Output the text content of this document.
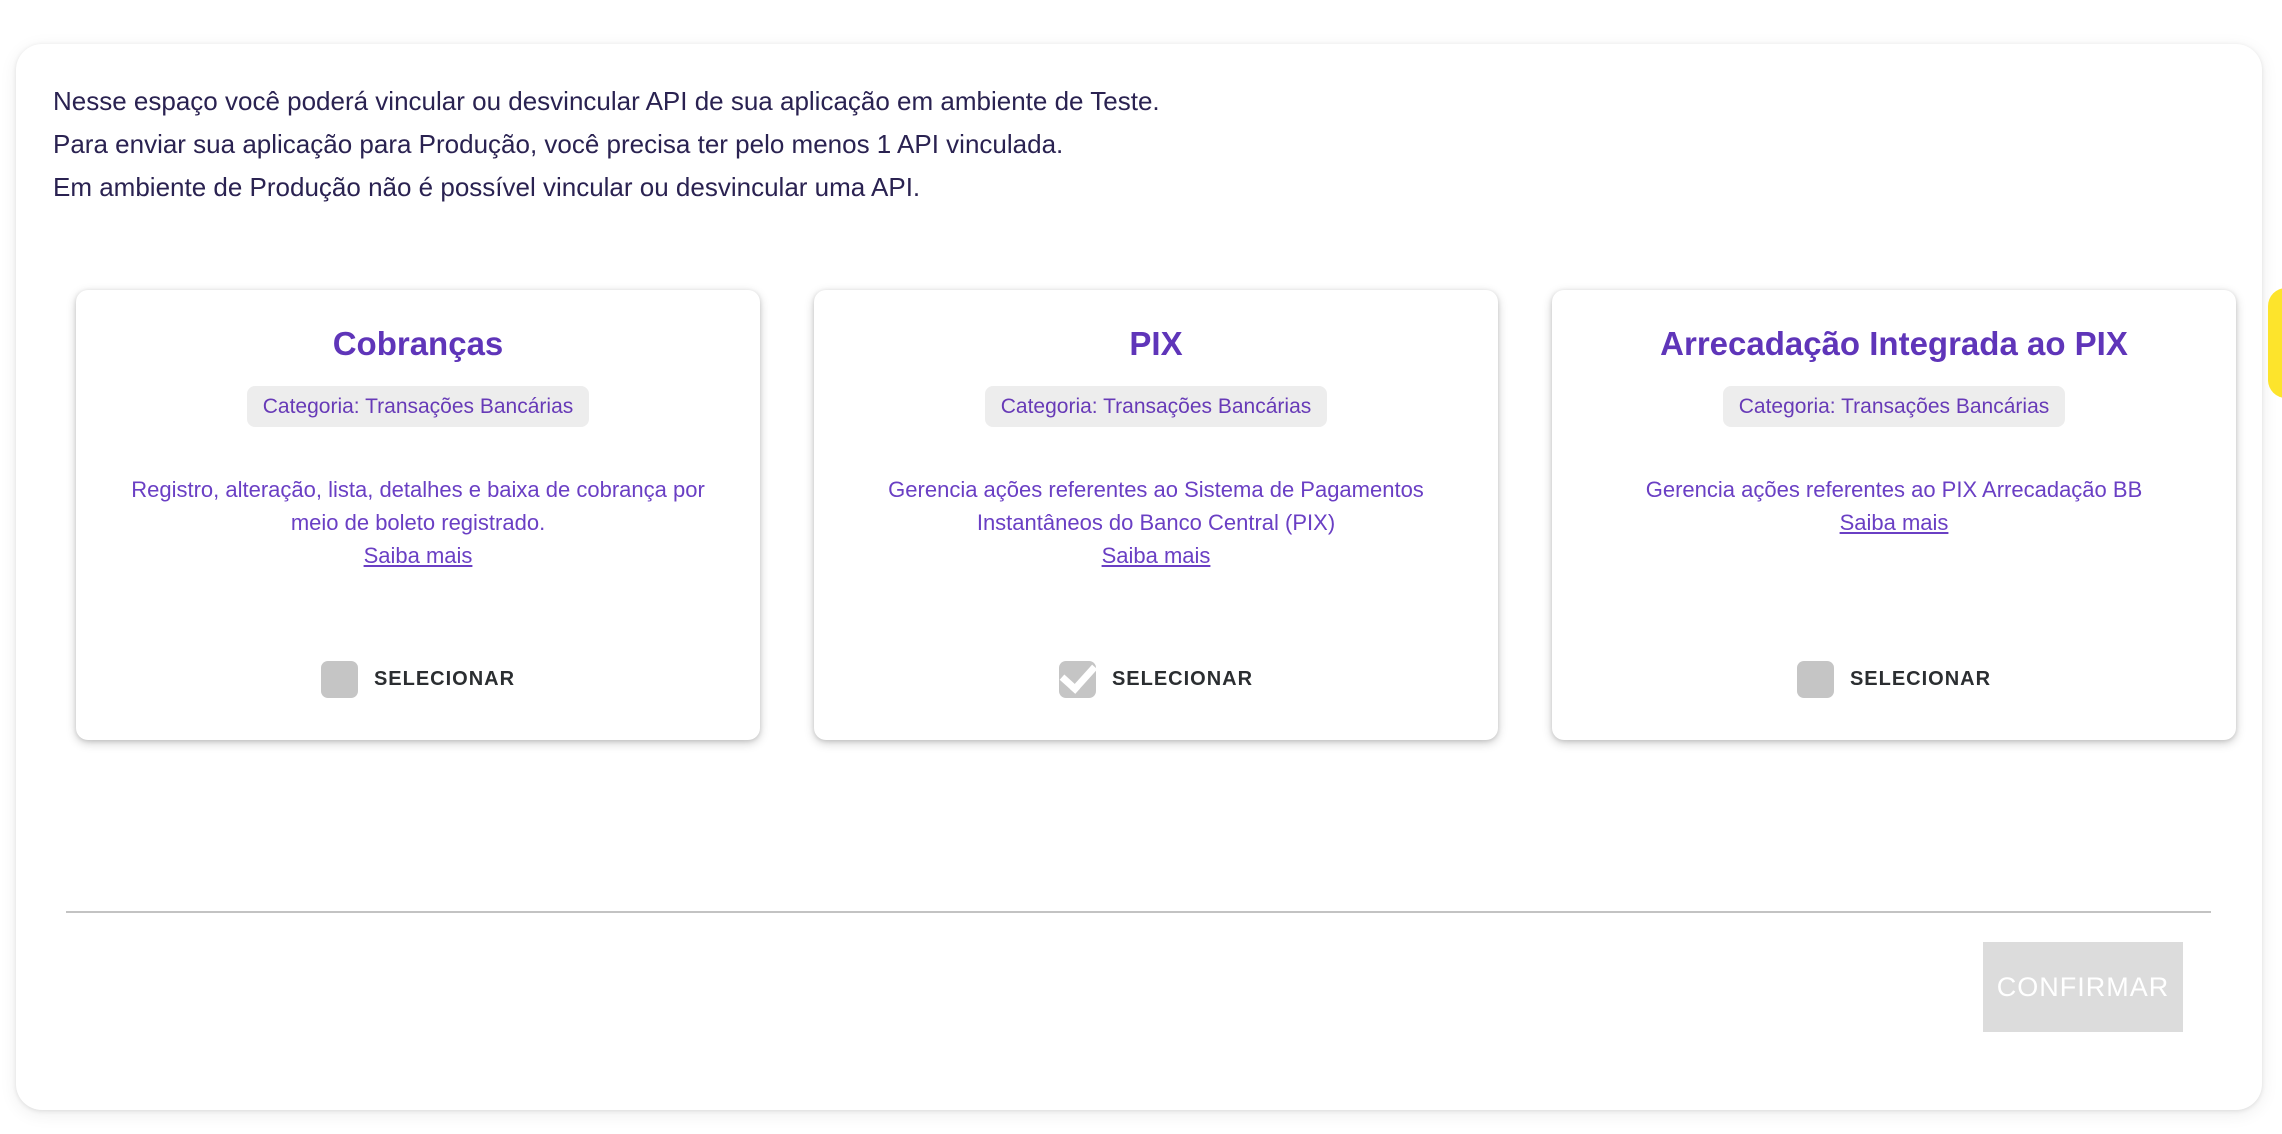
Nesse espaço você poderá vincular ou desvincular API de sua aplicação em ambiente de Teste.
Para enviar sua aplicação para Produção, você precisa ter pelo menos 1 API vinculada.
Em ambiente de Produção não é possível vincular ou desvincular uma API.
Cobranças
Categoria: Transações Bancárias
Registro, alteração, lista, detalhes e baixa de cobrança por
meio de boleto registrado.
Saiba mais
SELECIONAR
PIX
Categoria: Transações Bancárias
Gerencia ações referentes ao Sistema de Pagamentos
Instantâneos do Banco Central (PIX)
Saiba mais
SELECIONAR
Arrecadação Integrada ao PIX
Categoria: Transações Bancárias
Gerencia ações referentes ao PIX Arrecadação BB
Saiba mais
SELECIONAR
CONFIRMAR
